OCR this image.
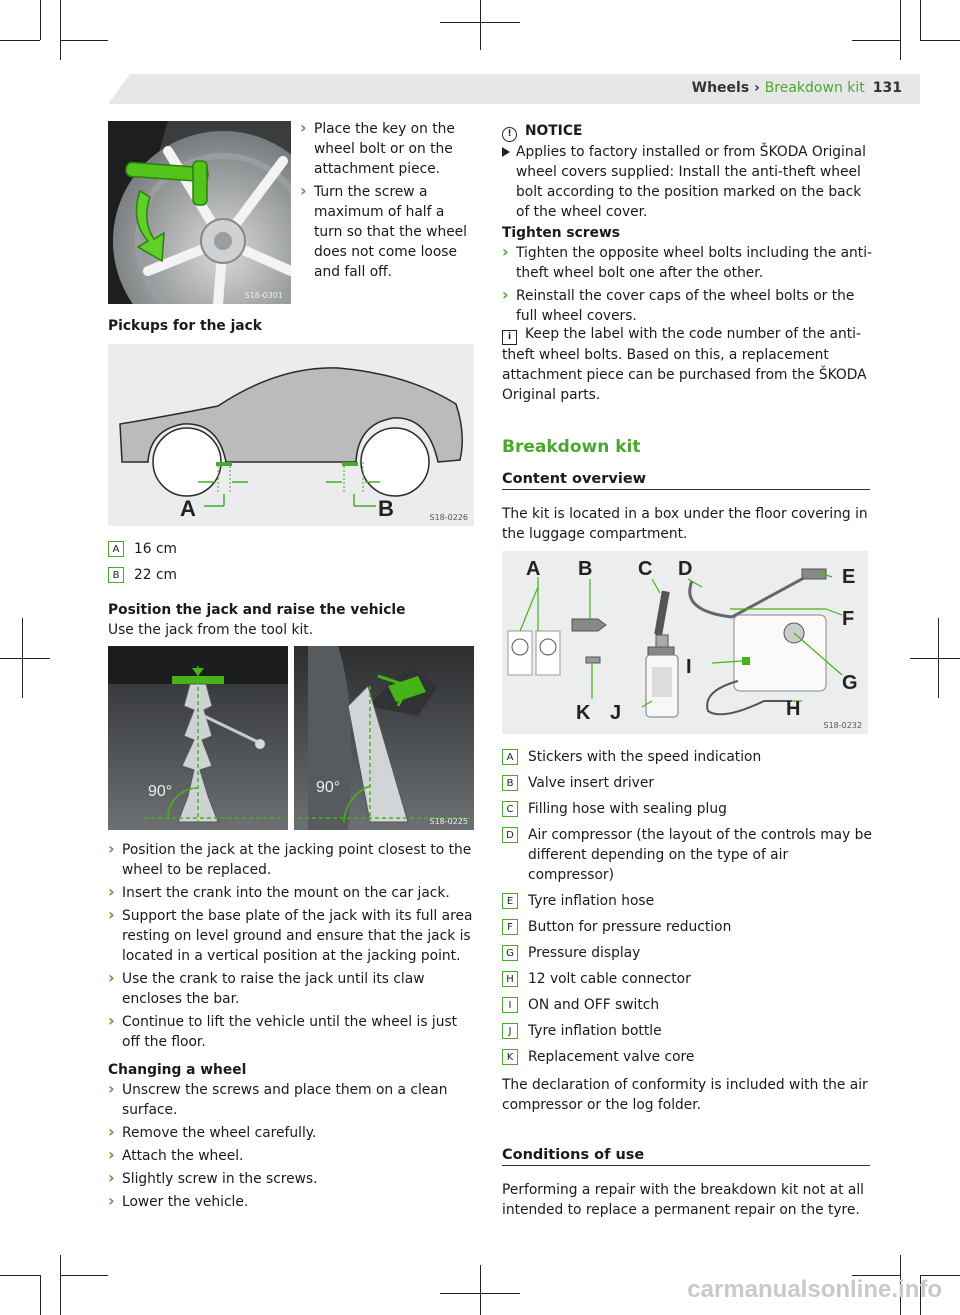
Wheels › Breakdown kit 131
S18-0301
› Place the key on the wheel bolt or on the attachment piece.
› Turn the screw a maximum of half a turn so that the wheel does not come loose and fall off.
Pickups for the jack
A	B	S18-0226
A 16 cm
B 22 cm
Position the jack and raise the vehicle
Use the jack from the tool kit.
90°	90°
S18-0225
› Position the jack at the jacking point closest to the wheel to be replaced.
› Insert the crank into the mount on the car jack.
› Support the base plate of the jack with its full area resting on level ground and ensure that the jack is located in a vertical position at the jacking point.
› Use the crank to raise the jack until its claw encloses the bar.
› Continue to lift the vehicle until the wheel is just off the floor.
Changing a wheel
› Unscrew the screws and place them on a clean surface.
› Remove the wheel carefully.
› Attach the wheel.
› Slightly screw in the screws.
› Lower the vehicle.
! NOTICE
Applies to factory installed or from ŠKODA Original wheel covers supplied: Install the anti-theft wheel bolt according to the position marked on the back of the wheel cover.
Tighten screws
› Tighten the opposite wheel bolts including the anti-theft wheel bolt one after the other.
› Reinstall the cover caps of the wheel bolts or the full wheel covers.
i Keep the label with the code number of the anti-theft wheel bolts. Based on this, a replacement attachment piece can be purchased from the ŠKODA Original parts.
Breakdown kit
Content overview
The kit is located in a box under the floor covering in the luggage compartment.
A B C D	E
F
G
H
I
J
K
S18-0232
A	Stickers with the speed indication
B	Valve insert driver
C	Filling hose with sealing plug
D	Air compressor (the layout of the controls may be different depending on the type of air compressor)
E	Tyre inflation hose
F	Button for pressure reduction
G Pressure display
H	12 volt cable connector
I	ON and OFF switch
J	Tyre inflation bottle
K	Replacement valve core
The declaration of conformity is included with the air compressor or the log folder.
Conditions of use
Performing a repair with the breakdown kit not at all intended to replace a permanent repair on the tyre.
carmanualsonline.info
